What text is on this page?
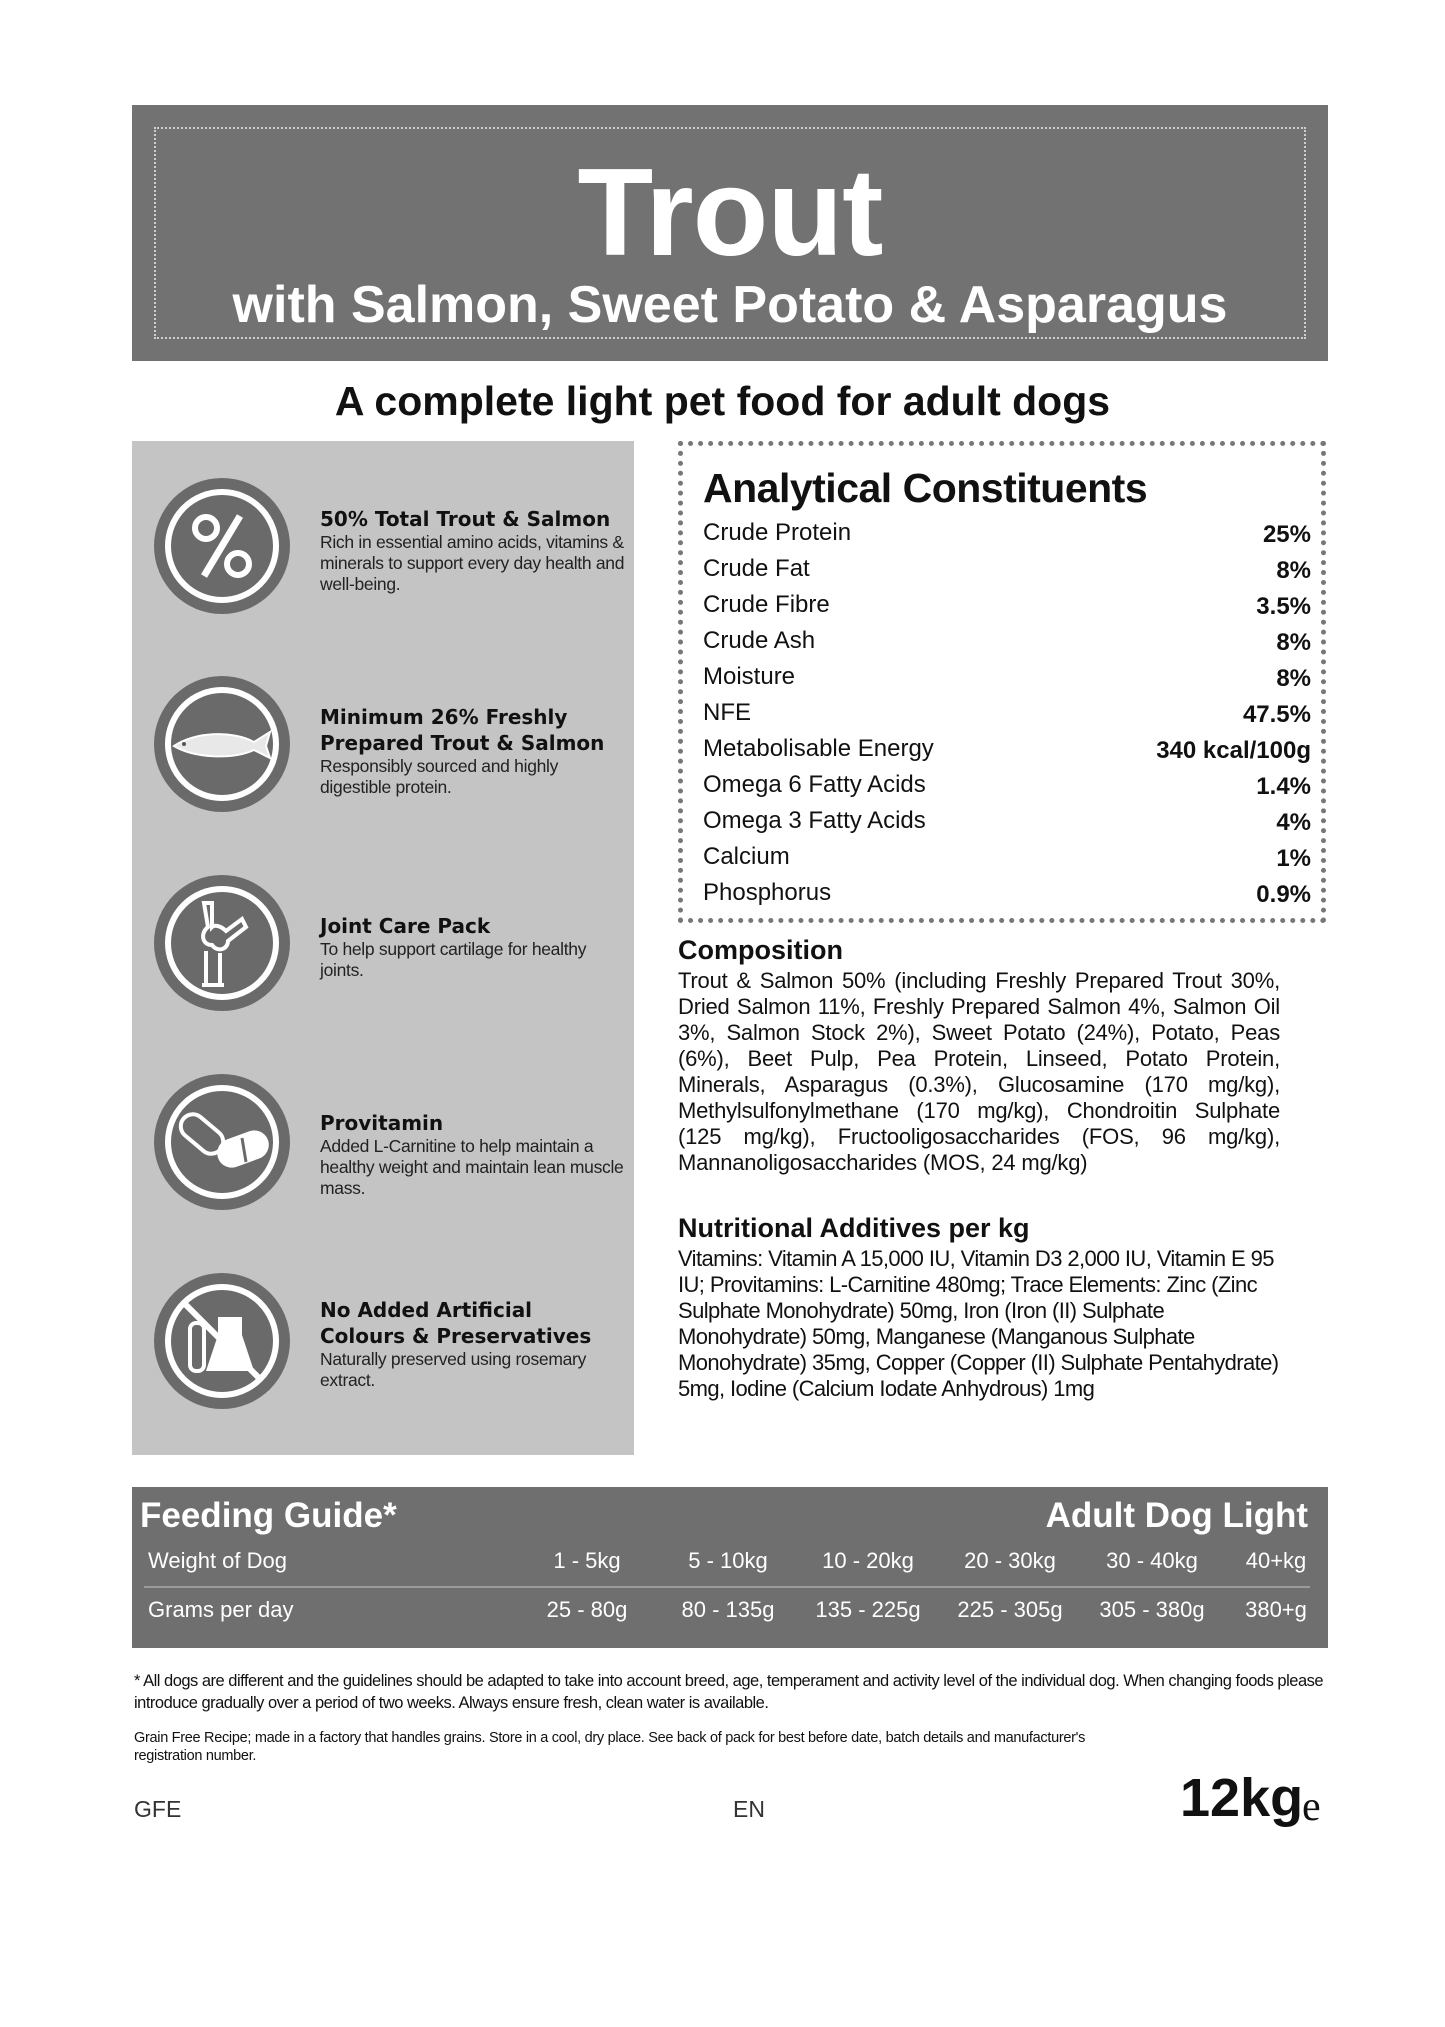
Trout
with Salmon, Sweet Potato & Asparagus
A complete light pet food for adult dogs
50% Total Trout & Salmon
Rich in essential amino acids, vitamins & minerals to support every day health and well-being.
Minimum 26% Freshly
Prepared Trout & Salmon
Responsibly sourced and highly digestible protein.
Joint Care Pack
To help support cartilage for healthy joints.
Provitamin
Added L-Carnitine to help maintain a healthy weight and maintain lean muscle mass.
No Added Artificial
Colours & Preservatives
Naturally preserved using rosemary extract.
Analytical Constituents
Crude Protein	25%
Crude Fat	8%
Crude Fibre	3.5%
Crude Ash	8%
Moisture	8%
NFE	47.5%
Metabolisable Energy	340 kcal/100g
Omega 6 Fatty Acids	1.4%
Omega 3 Fatty Acids	4%
Calcium	1%
Phosphorus	0.9%
Composition
Trout & Salmon 50% (including Freshly Prepared Trout 30%, Dried Salmon 11%, Freshly Prepared Salmon 4%, Salmon Oil 3%, Salmon Stock 2%), Sweet Potato (24%), Potato, Peas (6%), Beet Pulp, Pea Protein, Linseed, Potato Protein, Minerals, Asparagus (0.3%), Glucosamine (170 mg/kg), Methylsulfonylmethane (170 mg/kg), Chondroitin Sulphate (125 mg/kg), Fructooligosaccharides (FOS, 96 mg/kg), Mannanoligosaccharides (MOS, 24 mg/kg)
Nutritional Additives per kg
Vitamins: Vitamin A 15,000 IU, Vitamin D3 2,000 IU, Vitamin E 95 IU; Provitamins: L-Carnitine 480mg; Trace Elements: Zinc (Zinc Sulphate Monohydrate) 50mg, Iron (Iron (II) Sulphate Monohydrate) 50mg, Manganese (Manganous Sulphate Monohydrate) 35mg, Copper (Copper (II) Sulphate Pentahydrate) 5mg, Iodine (Calcium Iodate Anhydrous) 1mg
Feeding Guide*	Adult Dog Light
Weight of Dog	1 - 5kg	5 - 10kg	10 - 20kg	20 - 30kg	30 - 40kg	40+kg
Grams per day	25 - 80g	80 - 135g	135 - 225g	225 - 305g	305 - 380g	380+g
* All dogs are different and the guidelines should be adapted to take into account breed, age, temperament and activity level of the individual dog. When changing foods please introduce gradually over a period of two weeks. Always ensure fresh, clean water is available.
Grain Free Recipe; made in a factory that handles grains. Store in a cool, dry place. See back of pack for best before date, batch details and manufacturer's registration number.
GFE	EN	12kg
e
